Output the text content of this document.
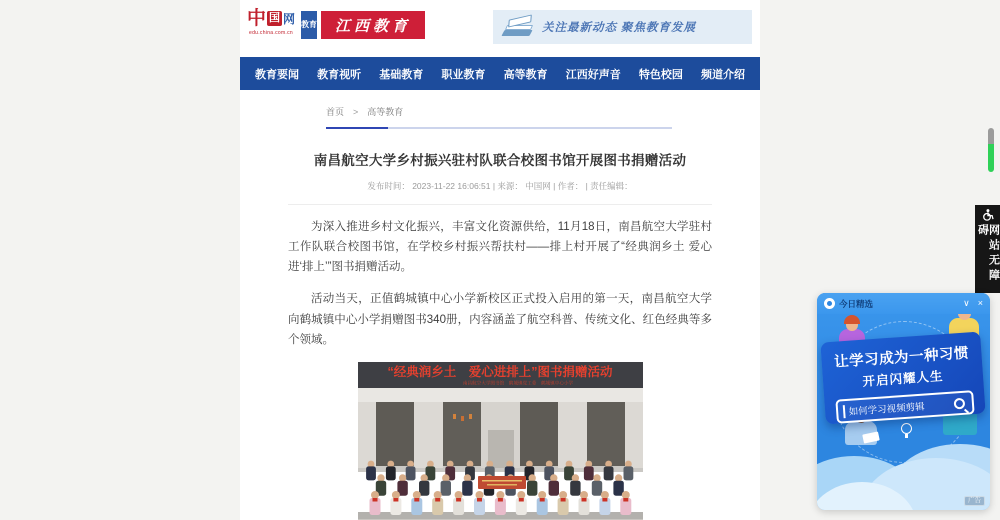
中 国 网
edu.china.com.cn
教育	江西教育	关注最新动态 聚焦教育发展
教育要闻 教育视听 基础教育 职业教育 高等教育 江西好声音 特色校园 频道介绍
首页 > 高等教育
南昌航空大学乡村振兴驻村队联合校图书馆开展图书捐赠活动
发布时间： 2023-11-22 16:06:51 | 来源： 中国网 | 作者： | 责任编辑：

为深入推进乡村文化振兴，丰富文化资源供给，11月18日，南昌航空大学驻村工作队联合校图书馆，在学校乡村振兴帮扶村——排上村开展了“经典润乡土 爱心进‘排上’”图书捐赠活动。

活动当天，正值鹤城镇中心小学新校区正式投入启用的第一天，南昌航空大学向鹤城镇中心小学捐赠图书340册，内容涵盖了航空科普、传统文化、红色经典等多个领域。

“经典润乡土　爱心进排上”图书捐赠活动
南昌航空大学图书馆　鹤城镇党工委　鹤城镇中心小学
网站无障碍
今日精选	∨ ×
让学习成为一种习惯
开启闪耀人生
如何学习视频剪辑
广告
